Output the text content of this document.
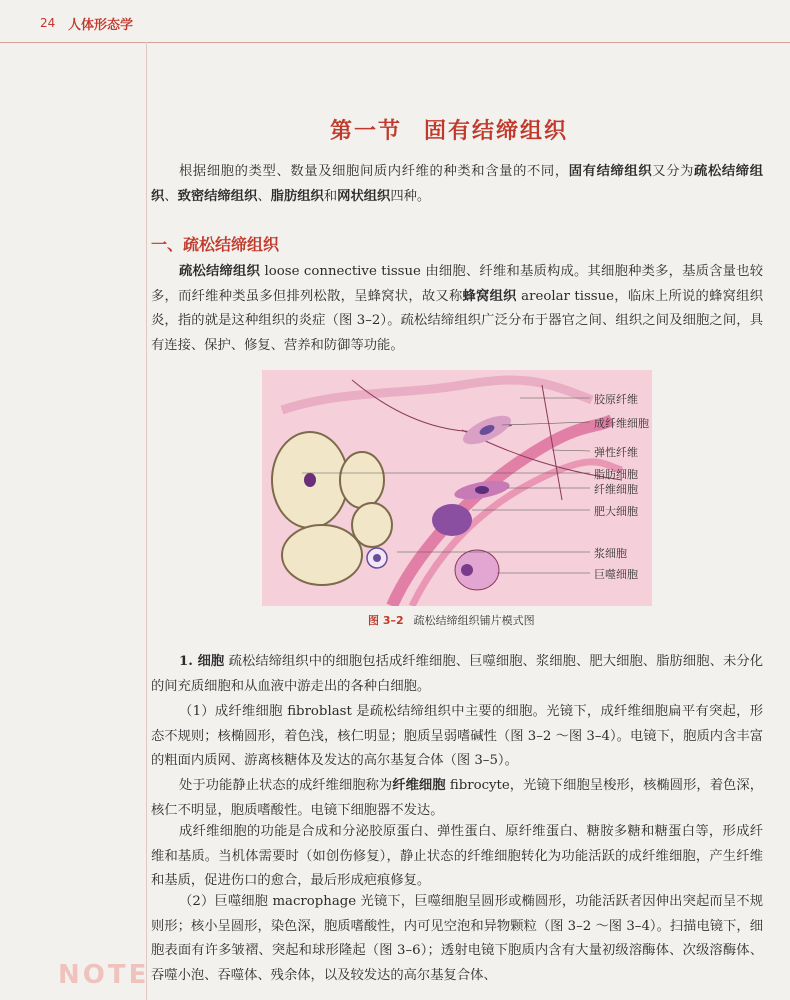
24 人体形态学
第一节 固有结缔组织
根据细胞的类型、数量及细胞间质内纤维的种类和含量的不同，固有结缔组织又分为疏松结缔组织、致密结缔组织、脂肪组织和网状组织四种。
一、疏松结缔组织
疏松结缔组织 loose connective tissue 由细胞、纤维和基质构成。其细胞种类多，基质含量也较多，而纤维种类虽多但排列松散，呈蜂窝状，故又称蜂窝组织 areolar tissue，临床上所说的蜂窝组织炎，指的就是这种组织的炎症（图 3–2）。疏松结缔组织广泛分布于器官之间、组织之间及细胞之间，具有连接、保护、修复、营养和防御等功能。
胶原纤维
成纤维细胞
弹性纤维
脂肪细胞
纤维细胞
肥大细胞
浆细胞
巨噬细胞
图 3–2 疏松结缔组织铺片模式图
1. 细胞 疏松结缔组织中的细胞包括成纤维细胞、巨噬细胞、浆细胞、肥大细胞、脂肪细胞、未分化的间充质细胞和从血液中游走出的各种白细胞。
（1）成纤维细胞 fibroblast 是疏松结缔组织中主要的细胞。光镜下，成纤维细胞扁平有突起，形态不规则；核椭圆形，着色浅，核仁明显；胞质呈弱嗜碱性（图 3–2 ～图 3–4）。电镜下，胞质内含丰富的粗面内质网、游离核糖体及发达的高尔基复合体（图 3–5）。
处于功能静止状态的成纤维细胞称为纤维细胞 fibrocyte，光镜下细胞呈梭形，核椭圆形，着色深，核仁不明显，胞质嗜酸性。电镜下细胞器不发达。
成纤维细胞的功能是合成和分泌胶原蛋白、弹性蛋白、原纤维蛋白、糖胺多糖和糖蛋白等，形成纤维和基质。当机体需要时（如创伤修复），静止状态的纤维细胞转化为功能活跃的成纤维细胞，产生纤维和基质，促进伤口的愈合，最后形成疤痕修复。
（2）巨噬细胞 macrophage 光镜下，巨噬细胞呈圆形或椭圆形，功能活跃者因伸出突起而呈不规则形；核小呈圆形，染色深，胞质嗜酸性，内可见空泡和异物颗粒（图 3–2 ～图 3–4）。扫描电镜下，细胞表面有许多皱褶、突起和球形隆起（图 3–6）；透射电镜下胞质内含有大量初级溶酶体、次级溶酶体、吞噬小泡、吞噬体、残余体，以及较发达的高尔基复合体、
NOTE
